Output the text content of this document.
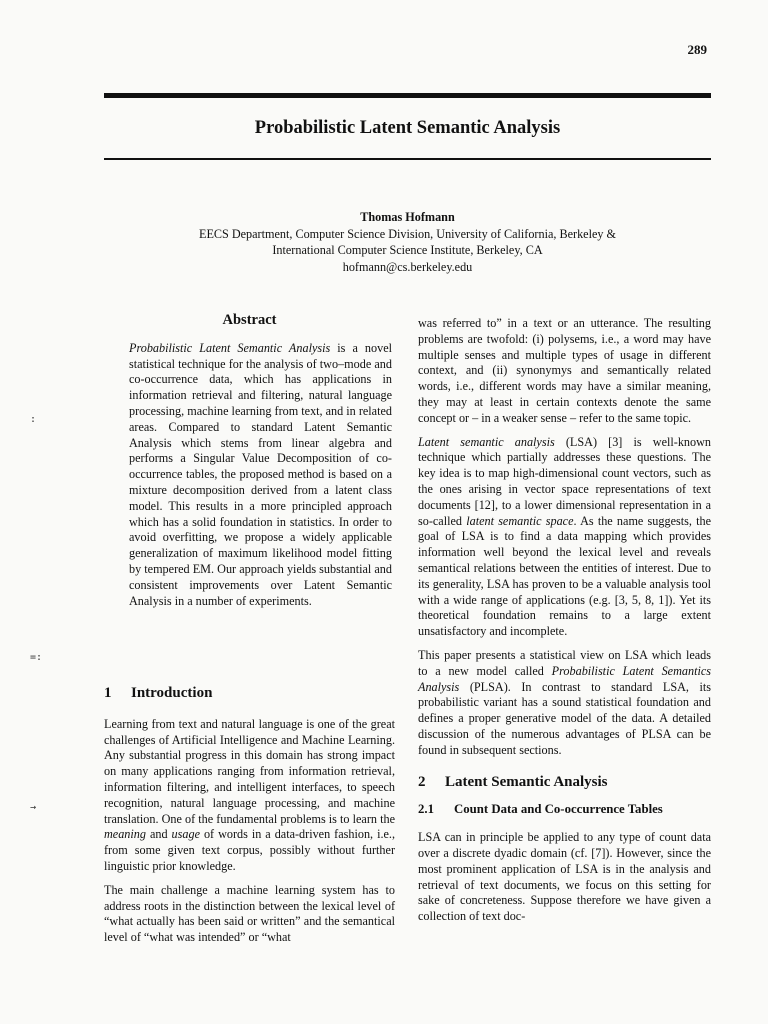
289
Probabilistic Latent Semantic Analysis
Thomas Hofmann
EECS Department, Computer Science Division, University of California, Berkeley &
International Computer Science Institute, Berkeley, CA
hofmann@cs.berkeley.edu
Abstract

Probabilistic Latent Semantic Analysis is a novel statistical technique for the analysis of two–mode and co-occurrence data, which has applications in information retrieval and filtering, natural language processing, machine learning from text, and in related areas. Compared to standard Latent Semantic Analysis which stems from linear algebra and performs a Singular Value Decomposition of co-occurrence tables, the proposed method is based on a mixture decomposition derived from a latent class model. This results in a more principled approach which has a solid foundation in statistics. In order to avoid overfitting, we propose a widely applicable generalization of maximum likelihood model fitting by tempered EM. Our approach yields substantial and consistent improvements over Latent Semantic Analysis in a number of experiments.

1 Introduction

Learning from text and natural language is one of the great challenges of Artificial Intelligence and Machine Learning. Any substantial progress in this domain has strong impact on many applications ranging from information retrieval, information filtering, and intelligent interfaces, to speech recognition, natural language processing, and machine translation. One of the fundamental problems is to learn the meaning and usage of words in a data-driven fashion, i.e., from some given text corpus, possibly without further linguistic prior knowledge.

The main challenge a machine learning system has to address roots in the distinction between the lexical level of “what actually has been said or written” and the semantical level of “what was intended” or “what

was referred to” in a text or an utterance. The resulting problems are twofold: (i) polysems, i.e., a word may have multiple senses and multiple types of usage in different context, and (ii) synonymys and semantically related words, i.e., different words may have a similar meaning, they may at least in certain contexts denote the same concept or – in a weaker sense – refer to the same topic.

Latent semantic analysis (LSA) [3] is well-known technique which partially addresses these questions. The key idea is to map high-dimensional count vectors, such as the ones arising in vector space representations of text documents [12], to a lower dimensional representation in a so-called latent semantic space. As the name suggests, the goal of LSA is to find a data mapping which provides information well beyond the lexical level and reveals semantical relations between the entities of interest. Due to its generality, LSA has proven to be a valuable analysis tool with a wide range of applications (e.g. [3, 5, 8, 1]). Yet its theoretical foundation remains to a large extent unsatisfactory and incomplete.

This paper presents a statistical view on LSA which leads to a new model called Probabilistic Latent Semantics Analysis (PLSA). In contrast to standard LSA, its probabilistic variant has a sound statistical foundation and defines a proper generative model of the data. A detailed discussion of the numerous advantages of PLSA can be found in subsequent sections.

2 Latent Semantic Analysis
2.1 Count Data and Co-occurrence Tables

LSA can in principle be applied to any type of count data over a discrete dyadic domain (cf. [7]). However, since the most prominent application of LSA is in the analysis and retrieval of text documents, we focus on this setting for sake of concreteness. Suppose therefore we have given a collection of text doc-

:
=:
→
